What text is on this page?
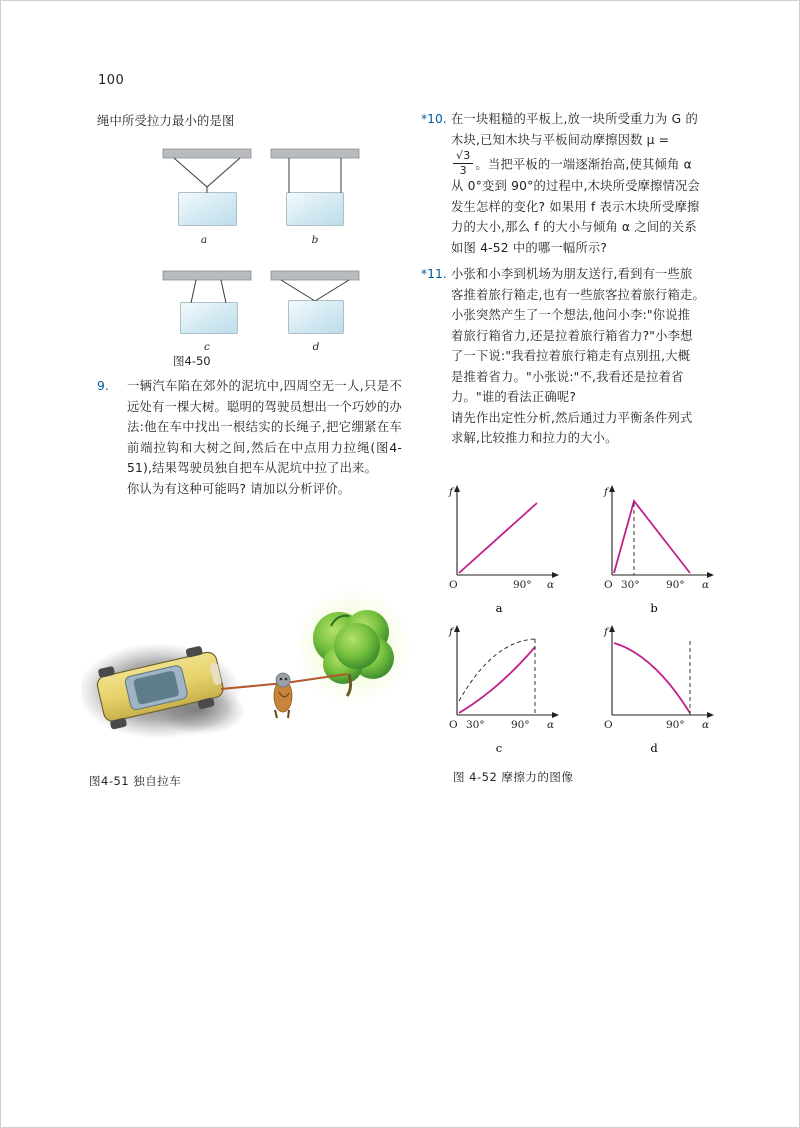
100
绳中所受拉力最小的是图
a	b
c	d
图4-50
9. 一辆汽车陷在郊外的泥坑中,四周空无一人,只是不远处有一棵大树。聪明的驾驶员想出一个巧妙的办法:他在车中找出一根结实的长绳子,把它绷紧在车前端拉钩和大树之间,然后在中点用力拉绳(图4-51),结果驾驶员独自把车从泥坑中拉了出来。
你认为有这种可能吗? 请加以分析评价。
图4-51 独自拉车
*10. 在一块粗糙的平板上,放一块所受重力为 G 的
木块,已知木块与平板间动摩擦因数 μ =
$\frac{√3}{3}$ 。当把平板的一端逐渐抬高,使其倾角 α
从 0°变到 90°的过程中,木块所受摩擦情况会
发生怎样的变化? 如果用 f 表示木块所受摩擦
力的大小,那么 f 的大小与倾角 α 之间的关系
如图 4-52 中的哪一幅所示?
*11. 小张和小李到机场为朋友送行,看到有一些旅
客推着旅行箱走,也有一些旅客拉着旅行箱走。
小张突然产生了一个想法,他问小李:"你说推
着旅行箱省力,还是拉着旅行箱省力?"小李想
了一下说:"我看拉着旅行箱走有点别扭,大概
是推着省力。"小张说:"不,我看还是拉着省
力。"谁的看法正确呢?
请先作出定性分析,然后通过力平衡条件列式
求解,比较推力和拉力的大小。
f
O	90° α
a
f
O 30°	90° α
b
f
O 30°	90° α
c
f
O	90° α
d
图 4-52 摩擦力的图像
